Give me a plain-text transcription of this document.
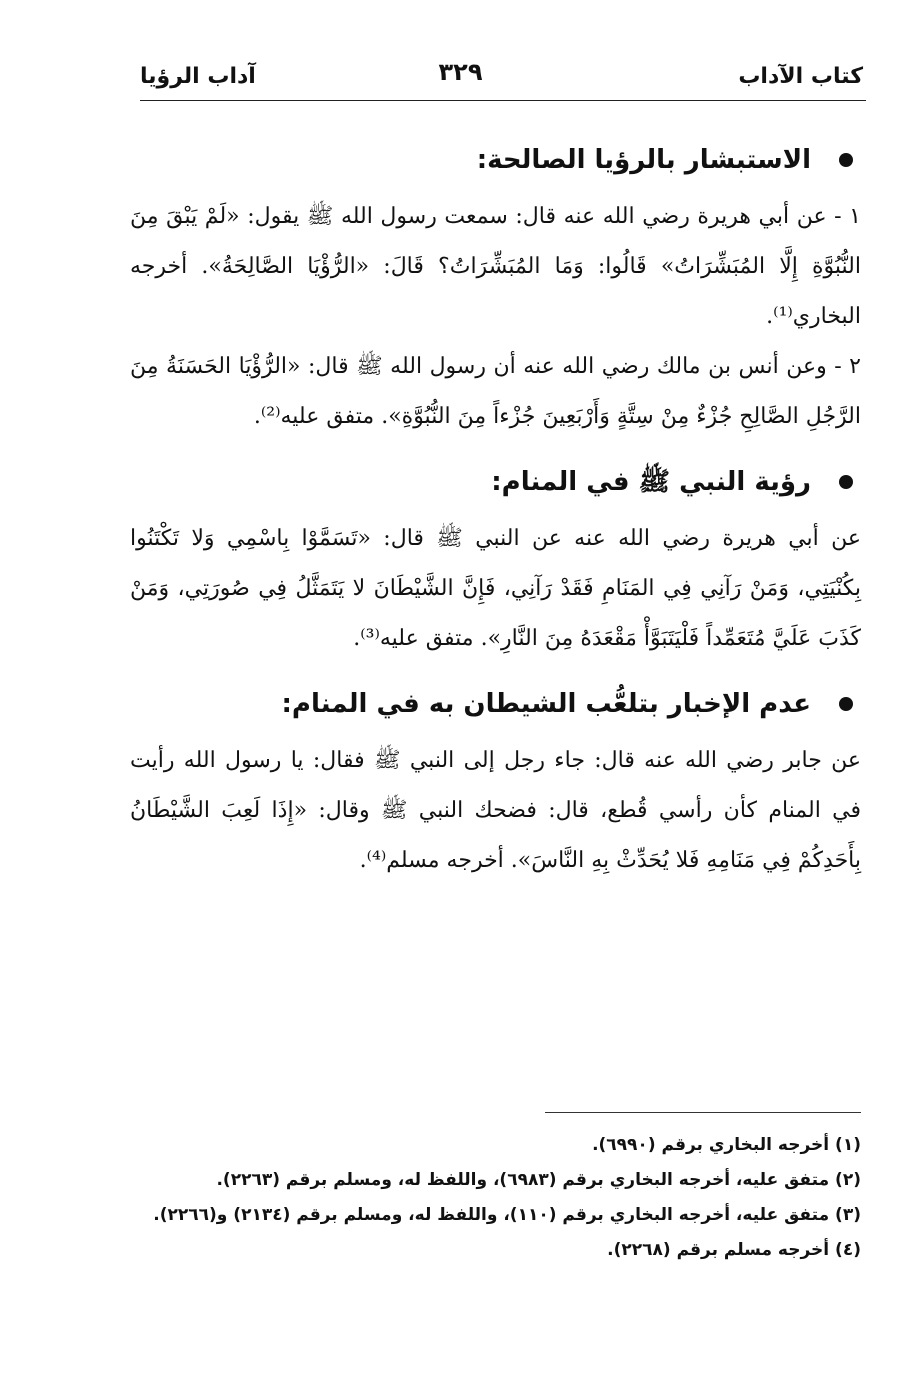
كتاب الآداب
٣٢٩
آداب الرؤيا
الاستبشار بالرؤيا الصالحة:

١ - عن أبي هريرة رضي الله عنه قال: سمعت رسول الله ﷺ يقول: «لَمْ يَبْقَ مِنَ النُّبُوَّةِ إِلَّا المُبَشِّرَاتُ» قَالُوا: وَمَا المُبَشِّرَاتُ؟ قَالَ: «الرُّؤْيَا الصَّالِحَةُ». أخرجه البخاري⁽¹⁾.

٢ - وعن أنس بن مالك رضي الله عنه أن رسول الله ﷺ قال: «الرُّؤْيَا الحَسَنَةُ مِنَ الرَّجُلِ الصَّالِحِ جُزْءٌ مِنْ سِتَّةٍ وَأَرْبَعِينَ جُزْءاً مِنَ النُّبُوَّةِ». متفق عليه⁽²⁾.

رؤية النبي ﷺ في المنام:

عن أبي هريرة رضي الله عنه عن النبي ﷺ قال: «تَسَمَّوْا بِاسْمِي وَلا تَكْتَنُوا بِكُنْيَتِي، وَمَنْ رَآنِي فِي المَنَامِ فَقَدْ رَآنِي، فَإِنَّ الشَّيْطَانَ لا يَتَمَثَّلُ فِي صُورَتِي، وَمَنْ كَذَبَ عَلَيَّ مُتَعَمِّداً فَلْيَتَبَوَّأْ مَقْعَدَهُ مِنَ النَّارِ». متفق عليه⁽³⁾.

عدم الإخبار بتلعُّب الشيطان به في المنام:

عن جابر رضي الله عنه قال: جاء رجل إلى النبي ﷺ فقال: يا رسول الله رأيت في المنام كأن رأسي قُطع، قال: فضحك النبي ﷺ وقال: «إِذَا لَعِبَ الشَّيْطَانُ بِأَحَدِكُمْ فِي مَنَامِهِ فَلا يُحَدِّثْ بِهِ النَّاسَ». أخرجه مسلم⁽⁴⁾.

(١) أخرجه البخاري برقم (٦٩٩٠).
(٢) متفق عليه، أخرجه البخاري برقم (٦٩٨٣)، واللفظ له، ومسلم برقم (٢٢٦٣).
(٣) متفق عليه، أخرجه البخاري برقم (١١٠)، واللفظ له، ومسلم برقم (٢١٣٤) و(٢٢٦٦).
(٤) أخرجه مسلم برقم (٢٢٦٨).
